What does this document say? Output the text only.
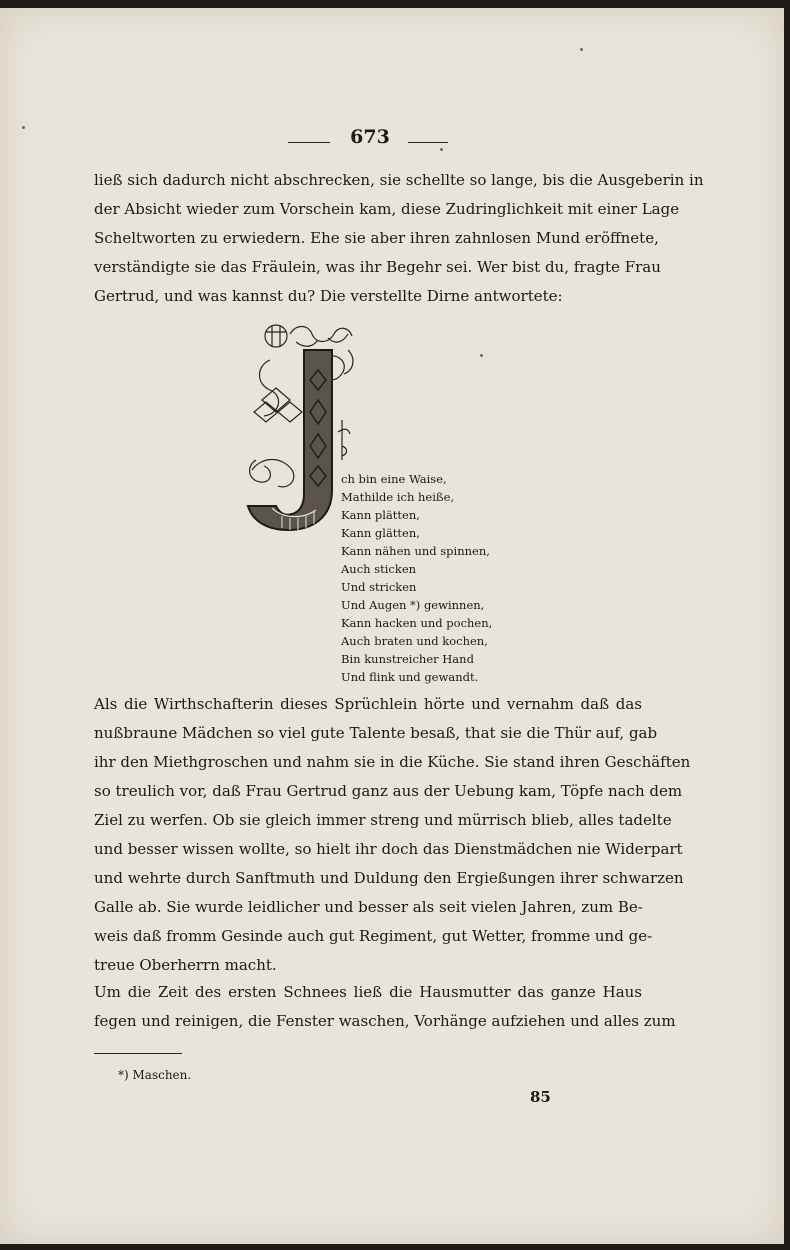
673
ließ sich dadurch nicht abschrecken, sie schellte so lange, bis die Ausgeberin in
der Absicht wieder zum Vorschein kam, diese Zudringlichkeit mit einer Lage
Scheltworten zu erwiedern. Ehe sie aber ihren zahnlosen Mund eröffnete,
verständigte sie das Fräulein, was ihr Begehr sei. Wer bist du, fragte Frau
Gertrud, und was kannst du? Die verstellte Dirne antwortete:
ch bin eine Waise,
Mathilde ich heiße,
Kann plätten,
Kann glätten,
Kann nähen und spinnen,
Auch sticken
Und stricken
Und Augen *) gewinnen,
Kann hacken und pochen,
Auch braten und kochen,
Bin kunstreicher Hand
Und flink und gewandt.
Als die Wirthschafterin dieses Sprüchlein hörte und vernahm daß das
nußbraune Mädchen so viel gute Talente besaß, that sie die Thür auf, gab
ihr den Miethgroschen und nahm sie in die Küche. Sie stand ihren Geschäften
so treulich vor, daß Frau Gertrud ganz aus der Uebung kam, Töpfe nach dem
Ziel zu werfen. Ob sie gleich immer streng und mürrisch blieb, alles tadelte
und besser wissen wollte, so hielt ihr doch das Dienstmädchen nie Widerpart
und wehrte durch Sanftmuth und Duldung den Ergießungen ihrer schwarzen
Galle ab. Sie wurde leidlicher und besser als seit vielen Jahren, zum Be-
weis daß fromm Gesinde auch gut Regiment, gut Wetter, fromme und ge-
treue Oberherrn macht.
Um die Zeit des ersten Schnees ließ die Hausmutter das ganze Haus
fegen und reinigen, die Fenster waschen, Vorhänge aufziehen und alles zum
*) Maschen.
85
